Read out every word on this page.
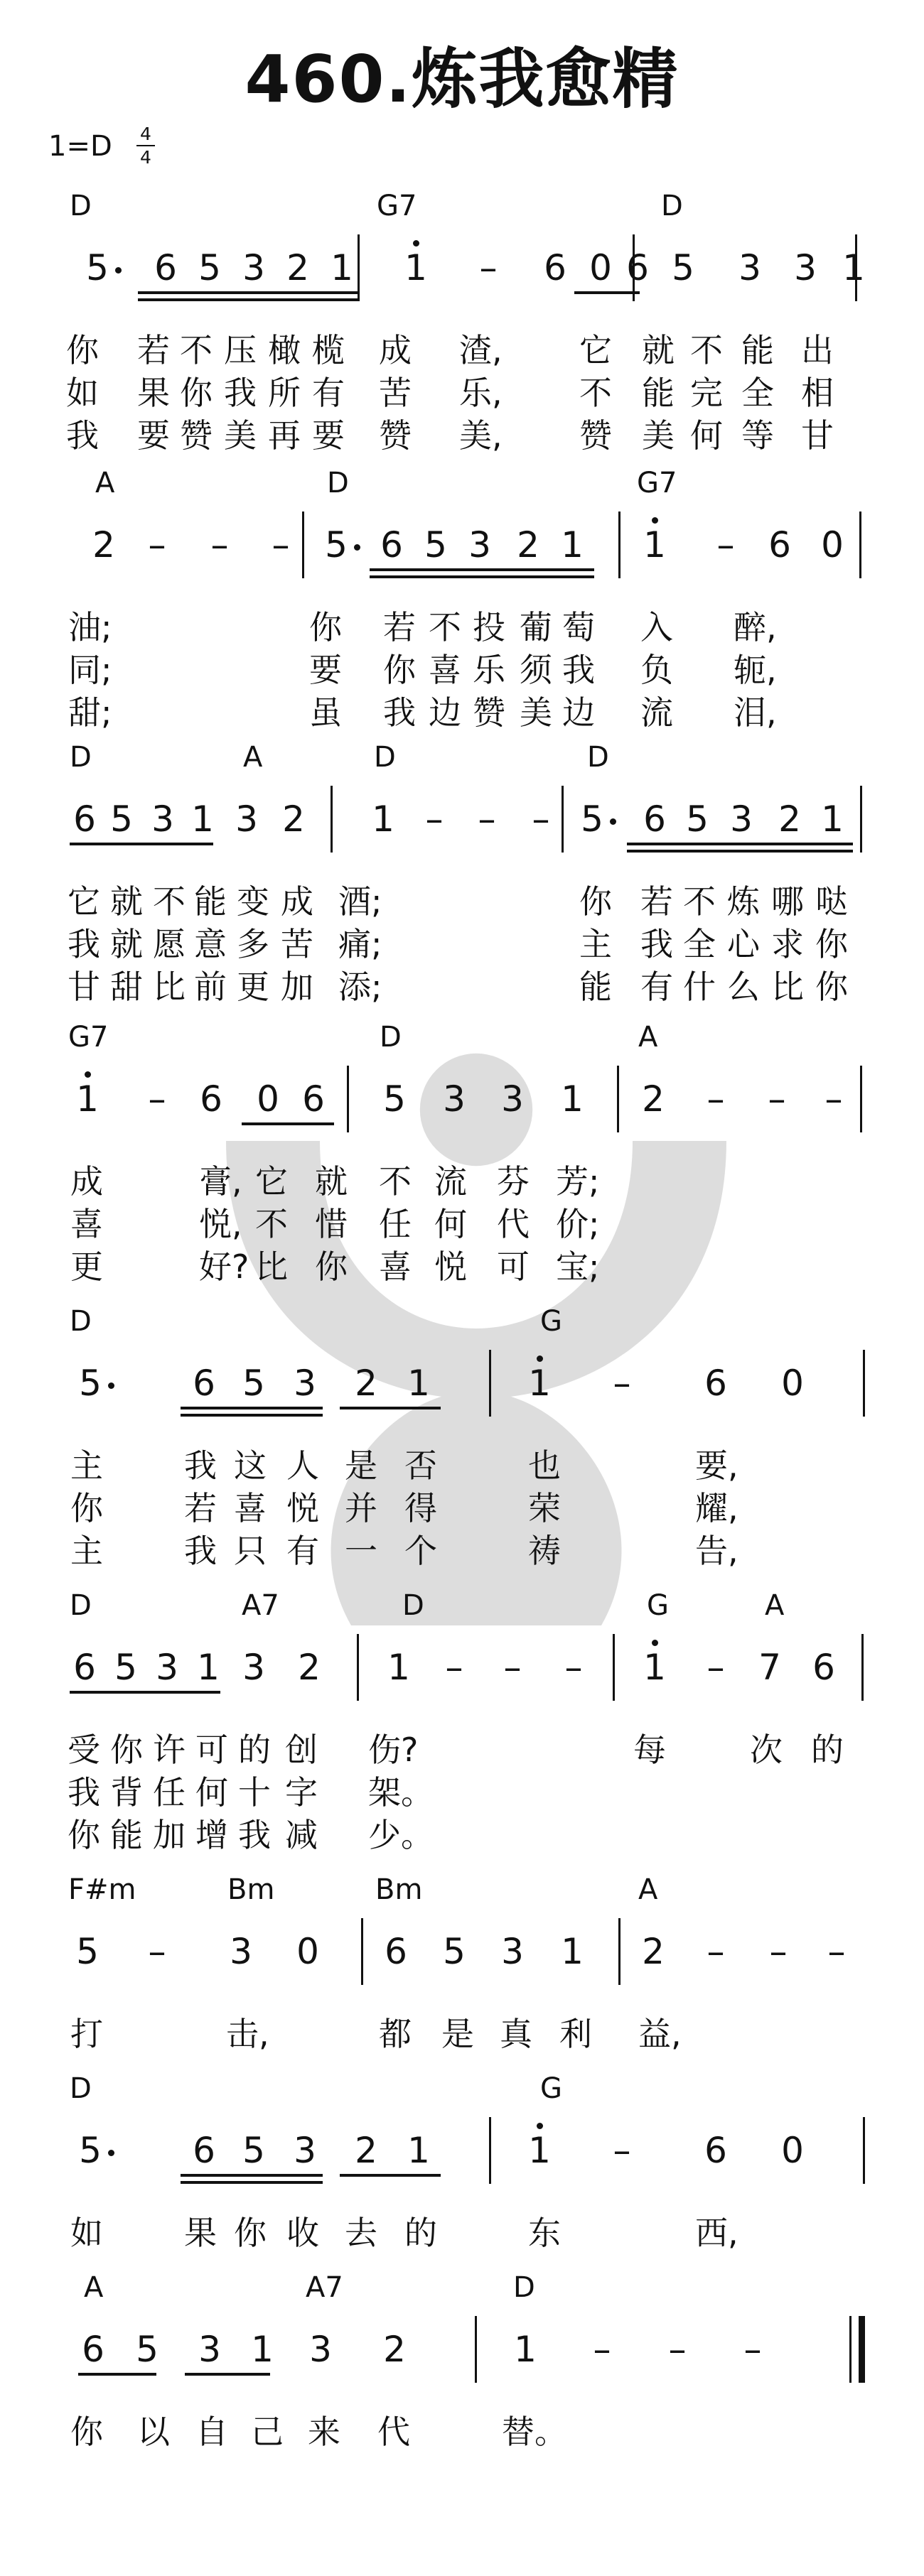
460.炼我愈精
1=D 4
4
D	G7	D
5 6 5 3 2 1 1 – 6 0 6 5 3 3 1
你 若 不 压 橄 榄 成 渣, 它 就 不 能 出
如 果 你 我 所 有 苦 乐, 不 能 完 全 相
我 要 赞 美 再 要 赞 美, 赞 美 何 等 甘
A	D	G7
2 – – – 5 6 5 3 2 1 1 – 6 0
油;	你 若 不 投 葡 萄 入 醉,
同;	要 你 喜 乐 须 我 负 轭,
甜;	虽 我 边 赞 美 边 流 泪,
D	A	D	D
6 5 3 1 3 2 1 – – – 5 6 5 3 2 1
它 就 不 能 变 成 酒;	你 若 不 炼 哪 哒
我 就 愿 意 多 苦 痛;	主 我 全 心 求 你
甘 甜 比 前 更 加 添;	能 有 什 么 比 你
G7	D	A
1 – 6 0 6 5 3 3 1 2 – – –
成	膏, 它 就 不 流 芬 芳;
喜	悦, 不 惜 任 何 代 价;
更	好? 比 你 喜 悦 可 宝;
D	G
5	6 5 3 2 1	1 – 6 0
主 我 这 人 是 否	也	要,
你 若 喜 悦 并 得	荣	耀,
主 我 只 有 一 个	祷	告,
D	A7	D	G	A
6 5 3 1 3 2 1 – – – 1 – 7 6
受 你 许 可 的 创 伤?	每	次 的
我 背 任 何 十 字 架。
你 能 加 增 我 减 少。
F#m	Bm	Bm	A
5 – 3 0 6 5 3 1 2 – – –
打	击,	都 是 真 利 益,
D	G
5	6 5 3 2 1	1 – 6 0
如 果 你 收 去 的	东	西,
A	A7	D
6 5 3 1 3 2	1 – – –
你 以 自 己 来 代	替。
